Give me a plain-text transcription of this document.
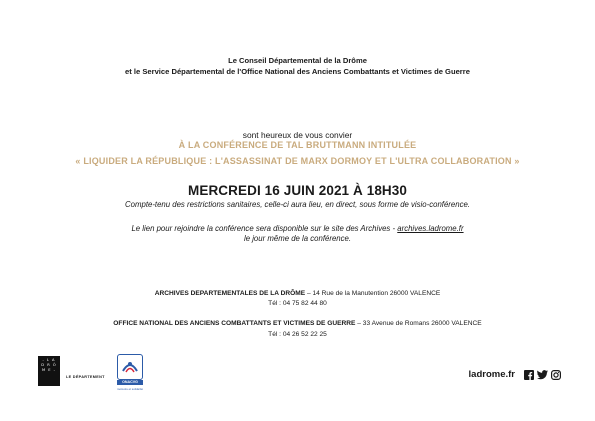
Le Conseil Départemental de la Drôme
et le Service Départemental de l'Office National des Anciens Combattants et Victimes de Guerre
sont heureux de vous convier
À LA CONFÉRENCE DE TAL BRUTTMANN INTITULÉE
« LIQUIDER LA RÉPUBLIQUE : L'ASSASSINAT DE MARX DORMOY ET L'ULTRA COLLABORATION »
MERCREDI 16 JUIN 2021 À 18H30
Compte-tenu des restrictions sanitaires, celle-ci aura lieu, en direct, sous forme de visio-conférence.
Le lien pour rejoindre la conférence sera disponible sur le site des Archives - archives.ladrome.fr
le jour même de la conférence.
ARCHIVES DEPARTEMENTALES DE LA DRÔME – 14 Rue de la Manutention 26000 VALENCE
Tél : 04 75 82 44 80
OFFICE NATIONAL DES ANCIENS COMBATTANTS ET VICTIMES DE GUERRE – 33 Avenue de Romans 26000 VALENCE
Tél : 04 26 52 22 25
- L A
D R Ô
M E -
LE DÉPARTEMENT
ONACVG
mémoire et solidarité
ladrome.fr
